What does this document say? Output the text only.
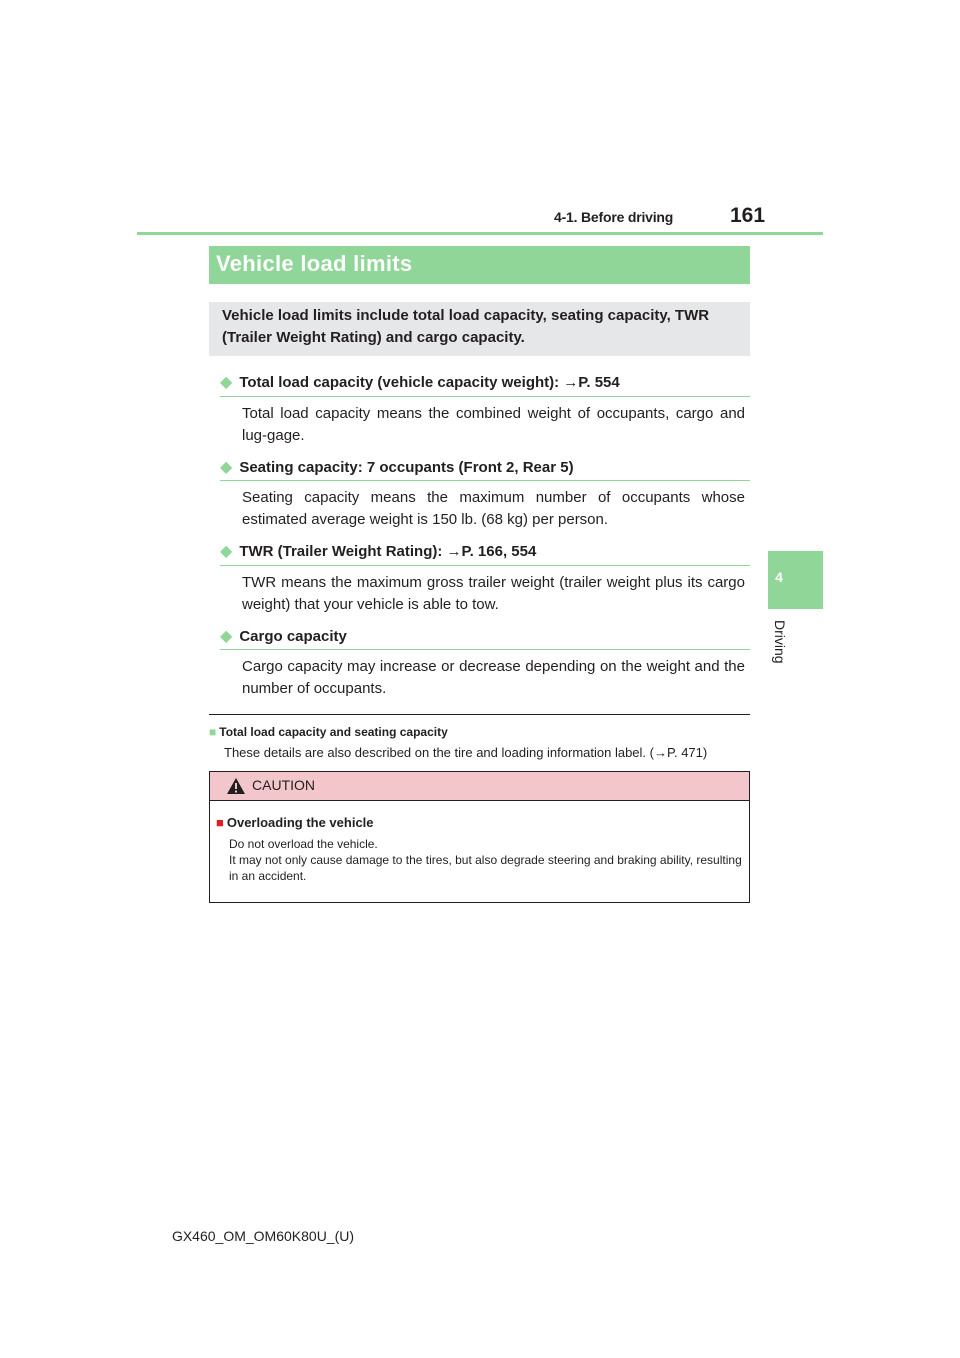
4-1. Before driving	161
4
Driving
Vehicle load limits
Vehicle load limits include total load capacity, seating capacity, TWR (Trailer Weight Rating) and cargo capacity.
◆ Total load capacity (vehicle capacity weight): →P. 554
Total load capacity means the combined weight of occupants, cargo and lug-gage.
◆ Seating capacity: 7 occupants (Front 2, Rear 5)
Seating capacity means the maximum number of occupants whose estimated average weight is 150 lb. (68 kg) per person.
◆ TWR (Trailer Weight Rating): →P. 166, 554
TWR means the maximum gross trailer weight (trailer weight plus its cargo weight) that your vehicle is able to tow.
◆ Cargo capacity
Cargo capacity may increase or decrease depending on the weight and the number of occupants.
■ Total load capacity and seating capacity
These details are also described on the tire and loading information label. (→P. 471)
CAUTION
■ Overloading the vehicle
Do not overload the vehicle.
It may not only cause damage to the tires, but also degrade steering and braking ability, resulting in an accident.
GX460_OM_OM60K80U_(U)
